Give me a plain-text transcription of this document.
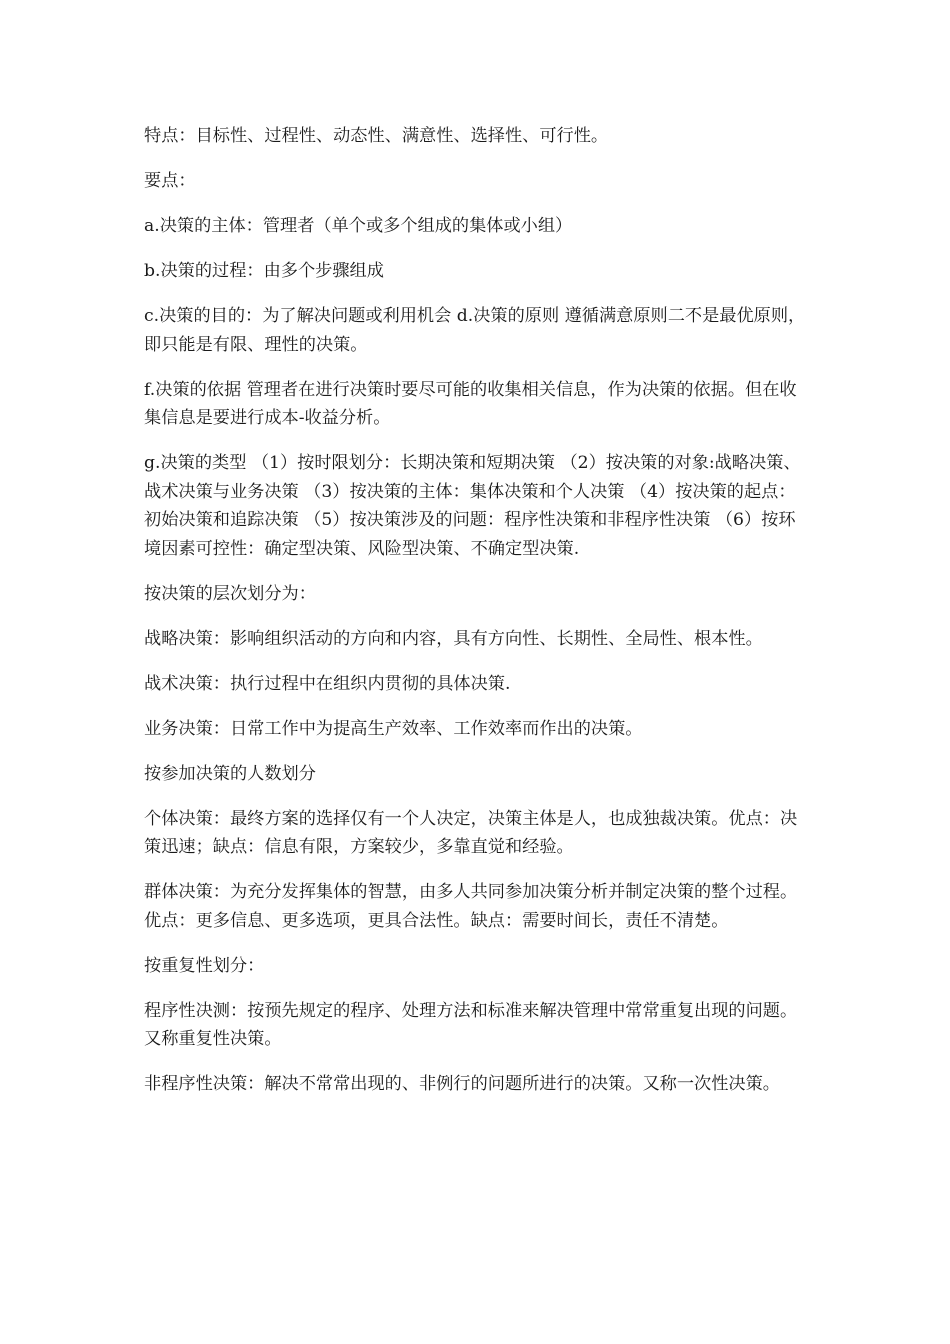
特点：目标性、过程性、动态性、满意性、选择性、可行性。

要点：

a.决策的主体：管理者（单个或多个组成的集体或小组）

b.决策的过程：由多个步骤组成

c.决策的目的：为了解决问题或利用机会 d.决策的原则 遵循满意原则二不是最优原则，即只能是有限、理性的决策。

f.决策的依据 管理者在进行决策时要尽可能的收集相关信息，作为决策的依据。但在收集信息是要进行成本-收益分析。

g.决策的类型 （1）按时限划分：长期决策和短期决策 （2）按决策的对象:战略决策、战术决策与业务决策 （3）按决策的主体：集体决策和个人决策 （4）按决策的起点：初始决策和追踪决策 （5）按决策涉及的问题：程序性决策和非程序性决策 （6）按环境因素可控性：确定型决策、风险型决策、不确定型决策.

按决策的层次划分为：

战略决策：影响组织活动的方向和内容，具有方向性、长期性、全局性、根本性。

战术决策：执行过程中在组织内贯彻的具体决策.

业务决策：日常工作中为提高生产效率、工作效率而作出的决策。

按参加决策的人数划分

个体决策：最终方案的选择仅有一个人决定，决策主体是人，也成独裁决策。优点：决策迅速；缺点：信息有限，方案较少，多靠直觉和经验。

群体决策：为充分发挥集体的智慧，由多人共同参加决策分析并制定决策的整个过程。优点：更多信息、更多选项，更具合法性。缺点：需要时间长，责任不清楚。

按重复性划分：

程序性决测：按预先规定的程序、处理方法和标准来解决管理中常常重复出现的问题。又称重复性决策。

非程序性决策：解决不常常出现的、非例行的问题所进行的决策。又称一次性决策。
